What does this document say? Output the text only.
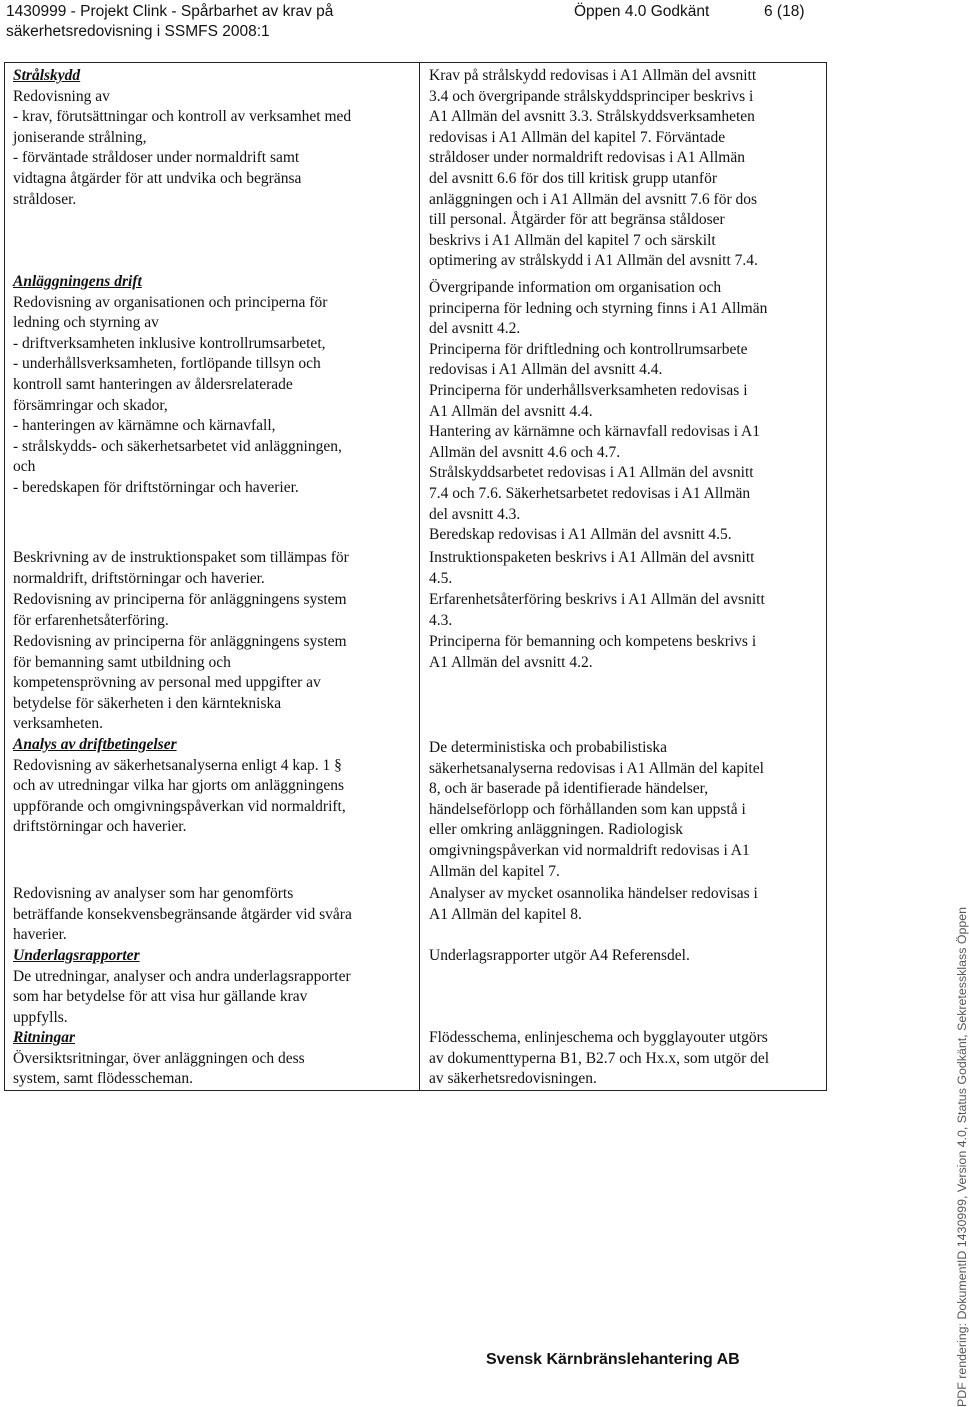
1430999 - Projekt Clink - Spårbarhet av krav på
säkerhetsredovisning i SSMFS 2008:1
Öppen 4.0 Godkänt	6 (18)
Strålskydd
Redovisning av
- krav, förutsättningar och kontroll av verksamhet med
joniserande strålning,
- förväntade stråldoser under normaldrift samt
vidtagna åtgärder för att undvika och begränsa
stråldoser.
Anläggningens drift
Redovisning av organisationen och principerna för
ledning och styrning av
- driftverksamheten inklusive kontrollrumsarbetet,
- underhållsverksamheten, fortlöpande tillsyn och
kontroll samt hanteringen av åldersrelaterade
försämringar och skador,
- hanteringen av kärnämne och kärnavfall,
- strålskydds- och säkerhetsarbetet vid anläggningen,
och
- beredskapen för driftstörningar och haverier.
Beskrivning av de instruktionspaket som tillämpas för
normaldrift, driftstörningar och haverier.
Redovisning av principerna för anläggningens system
för erfarenhetsåterföring.
Redovisning av principerna för anläggningens system
för bemanning samt utbildning och
kompetensprövning av personal med uppgifter av
betydelse för säkerheten i den kärntekniska
verksamheten.
Analys av driftbetingelser
Redovisning av säkerhetsanalyserna enligt 4 kap. 1 §
och av utredningar vilka har gjorts om anläggningens
uppförande och omgivningspåverkan vid normaldrift,
driftstörningar och haverier.
Redovisning av analyser som har genomförts
beträffande konsekvensbegränsande åtgärder vid svåra
haverier.
Underlagsrapporter
De utredningar, analyser och andra underlagsrapporter
som har betydelse för att visa hur gällande krav
uppfylls.
Ritningar
Översiktsritningar, över anläggningen och dess
system, samt flödesscheman.
Krav på strålskydd redovisas i A1 Allmän del avsnitt
3.4 och övergripande strålskyddsprinciper beskrivs i
A1 Allmän del avsnitt 3.3. Strålskyddsverksamheten
redovisas i A1 Allmän del kapitel 7. Förväntade
stråldoser under normaldrift redovisas i A1 Allmän
del avsnitt 6.6 för dos till kritisk grupp utanför
anläggningen och i A1 Allmän del avsnitt 7.6 för dos
till personal. Åtgärder för att begränsa ståldoser
beskrivs i A1 Allmän del kapitel 7 och särskilt
optimering av strålskydd i A1 Allmän del avsnitt 7.4.
Övergripande information om organisation och
principerna för ledning och styrning finns i A1 Allmän
del avsnitt 4.2.
Principerna för driftledning och kontrollrumsarbete
redovisas i A1 Allmän del avsnitt 4.4.
Principerna för underhållsverksamheten redovisas i
A1 Allmän del avsnitt 4.4.
Hantering av kärnämne och kärnavfall redovisas i A1
Allmän del avsnitt 4.6 och 4.7.
Strålskyddsarbetet redovisas i A1 Allmän del avsnitt
7.4 och 7.6. Säkerhetsarbetet redovisas i A1 Allmän
del avsnitt 4.3.
Beredskap redovisas i A1 Allmän del avsnitt 4.5.
Instruktionspaketen beskrivs i A1 Allmän del avsnitt
4.5.
Erfarenhetsåterföring beskrivs i A1 Allmän del avsnitt
4.3.
Principerna för bemanning och kompetens beskrivs i
A1 Allmän del avsnitt 4.2.
De deterministiska och probabilistiska
säkerhetsanalyserna redovisas i A1 Allmän del kapitel
8, och är baserade på identifierade händelser,
händelseförlopp och förhållanden som kan uppstå i
eller omkring anläggningen. Radiologisk
omgivningspåverkan vid normaldrift redovisas i A1
Allmän del kapitel 7.
Analyser av mycket osannolika händelser redovisas i
A1 Allmän del kapitel 8.
Underlagsrapporter utgör A4 Referensdel.
Flödesschema, enlinjeschema och bygglayouter utgörs
av dokumenttyperna B1, B2.7 och Hx.x, som utgör del
av säkerhetsredovisningen.
Svensk Kärnbränslehantering AB	PDF rendering: DokumentID 1430999, Version 4.0, Status Godkänt, Sekretessklass Öppen
